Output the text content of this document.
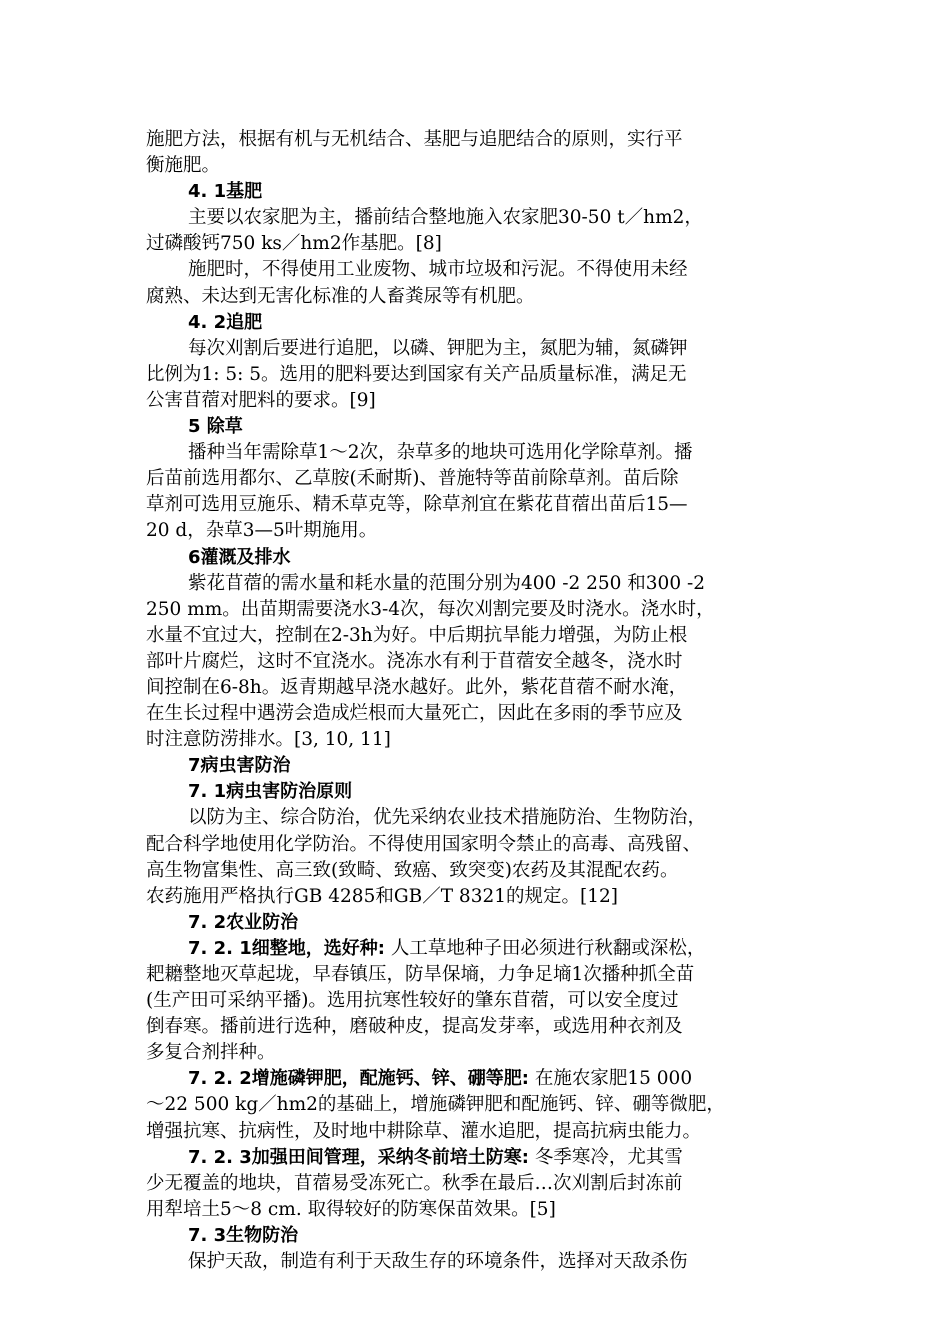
施肥方法，根据有机与无机结合、基肥与追肥结合的原则，实行平
衡施肥。
4. 1基肥
主要以农家肥为主，播前结合整地施入农家肥30-50 t／hm2，
过磷酸钙750 ks／hm2作基肥。[8]
施肥时，不得使用工业废物、城市垃圾和污泥。不得使用未经
腐熟、未达到无害化标准的人畜粪尿等有机肥。
4. 2追肥
每次刈割后要进行追肥，以磷、钾肥为主，氮肥为辅，氮磷钾
比例为1: 5: 5。选用的肥料要达到国家有关产品质量标准，满足无
公害苜蓿对肥料的要求。[9]
5 除草
播种当年需除草1～2次，杂草多的地块可选用化学除草剂。播
后苗前选用都尔、乙草胺(禾耐斯)、普施特等苗前除草剂。苗后除
草剂可选用豆施乐、精禾草克等，除草剂宜在紫花苜蓿出苗后15—
20 d，杂草3—5叶期施用。
6灌溉及排水
紫花苜蓿的需水量和耗水量的范围分别为400 -2 250 和300 -2
250 mm。出苗期需要浇水3-4次，每次刈割完要及时浇水。浇水时，
水量不宜过大，控制在2-3h为好。中后期抗旱能力增强，为防止根
部叶片腐烂，这时不宜浇水。浇冻水有利于苜蓿安全越冬，浇水时
间控制在6-8h。返青期越早浇水越好。此外，紫花苜蓿不耐水淹，
在生长过程中遇涝会造成烂根而大量死亡，因此在多雨的季节应及
时注意防涝排水。[3, 10, 11]
7病虫害防治
7. 1病虫害防治原则
以防为主、综合防治，优先采纳农业技术措施防治、生物防治，
配合科学地使用化学防治。不得使用国家明令禁止的高毒、高残留、
高生物富集性、高三致(致畸、致癌、致突变)农药及其混配农药。
农药施用严格执行GB 4285和GB／T 8321的规定。[12]
7. 2农业防治
7. 2. 1细整地，选好种: 人工草地种子田必须进行秋翻或深松，
耙耱整地灭草起垅，早春镇压，防旱保墒，力争足墒1次播种抓全苗
(生产田可采纳平播)。选用抗寒性较好的肇东苜蓿，可以安全度过
倒春寒。播前进行选种，磨破种皮，提高发芽率，或选用种衣剂及
多复合剂拌种。
7. 2. 2增施磷钾肥，配施钙、锌、硼等肥: 在施农家肥15 000
～22 500 kg／hm2的基础上，增施磷钾肥和配施钙、锌、硼等微肥，
增强抗寒、抗病性，及时地中耕除草、灌水追肥，提高抗病虫能力。
7. 2. 3加强田间管理，采纳冬前培土防寒: 冬季寒冷，尤其雪
少无覆盖的地块，苜蓿易受冻死亡。秋季在最后…次刈割后封冻前
用犁培土5～8 cm. 取得较好的防寒保苗效果。[5]
7. 3生物防治
保护天敌，制造有利于天敌生存的环境条件，选择对天敌杀伤
